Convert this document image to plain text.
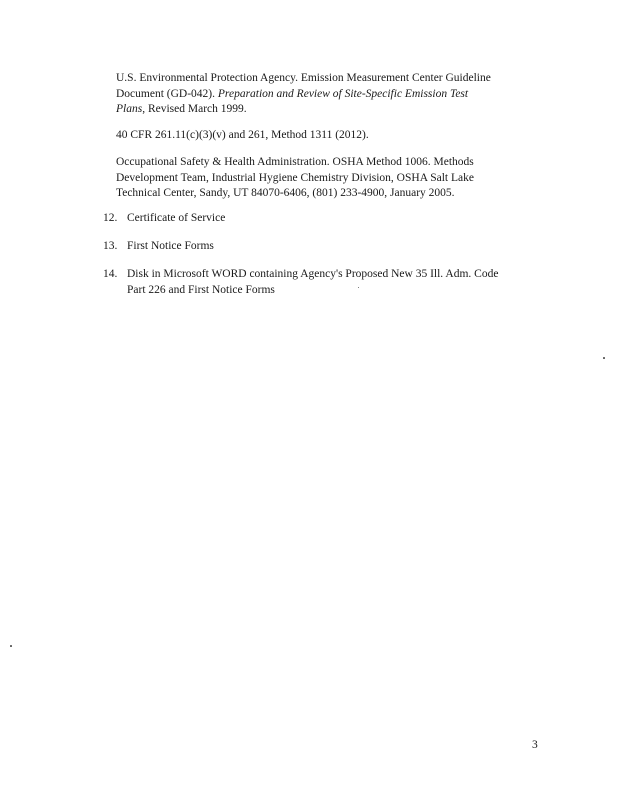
U.S. Environmental Protection Agency. Emission Measurement Center Guideline

Document (GD-042). Preparation and Review of Site-Specific Emission Test

Plans, Revised March 1999.

40 CFR 261.11(c)(3)(v) and 261, Method 1311 (2012).

Occupational Safety & Health Administration. OSHA Method 1006. Methods

Development Team, Industrial Hygiene Chemistry Division, OSHA Salt Lake

Technical Center, Sandy, UT 84070-6406, (801) 233-4900, January 2005.

12. Certificate of Service
13. First Notice Forms
14. Disk in Microsoft WORD containing Agency's Proposed New 35 Ill. Adm. Code
Part 226 and First Notice Forms
3
